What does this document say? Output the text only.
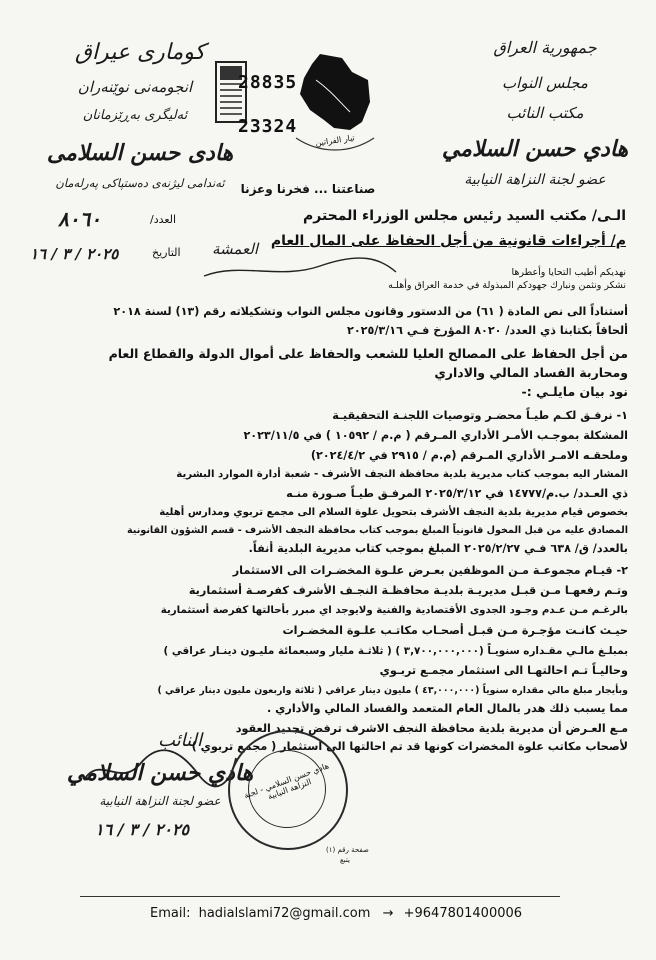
كوماری عیراق
انجومه‌نی نوێنه‌ران
ئه‌لیگری بەڕێزمانان
هادی حسن السلامی
ئەندامی لیژنەی دەستپاکی پەرلەمان
28835
23324
تيار الفراتين
صناعتنا ... فخرنا وعزنا
جمهورية العراق
مجلس النواب
مكتب النائب
هادي حسن السلامي
عضو لجنة النزاهة النيابية
٨٠٦٠	العدد/
٢٠٢٥ / ٣ / ١٦	التاريخ العمشة
الـى/ مكتب السيد رئيس مجلس الوزراء المحترم
م/ أجراءات قانونية من أجل الحفاظ على المال العام
نهديكم أطيب التحايا وأعطرها
نشكر ونثمن ونبارك جهودكم المبذولة في خدمة العراق وأهلـه
أستناداً الى نص المادة ( ٦١) من الدستور وقانون مجلس النواب وتشكيلاته رقم (١٣) لسنة ٢٠١٨
ألحاقاً بكتابنا ذي العدد/ ٨٠٢٠ المؤرخ فـي ٢٠٢٥/٣/١٦
من أجل الحفاظ على المصالح العليا للشعب والحفاظ على أموال الدولة والقطاع العام
ومحاربة الفساد المالي والاداري
نود بيان مايلـي :-
١- نرفـق لكـم طيـاً محضـر وتوصيات اللجنـة التحقيقيـة
المشكلة بموجـب الأمـر الأداري المـرقم ( م.م / ١٠٥٩٢ ) في ٢٠٢٣/١١/٥
وملحقـه الامـر الأداري المـرقم (م.م / ٢٩١٥ في ٢٠٢٤/٤/٢)
المشار اليه بموجب كتاب مديرية بلدية محافظة النجف الأشرف - شعبة أدارة الموارد البشرية
ذي العـدد/ ب.م/١٤٧٧٧ في ٢٠٢٥/٣/١٢ المرفـق طيـاً صـورة منـه
بخصوص قيام مديرية بلدية النجف الأشرف بتحويل علوة السلام الى مجمع تربوي ومدارس أهلية
المصادق عليه من قبل المخول قانونياً المبلغ بموجب كتاب محافظة النجف الأشرف - قسم الشؤون القانونية
بالعدد/ ق/ ٦٣٨ فـي ٢٠٢٥/٢/٢٧ المبلغ بموجب كتاب مديرية البلدية أنفاً.
٢- قيـام مجموعـة مـن الموظفين بعـرض علـوة المخضـرات الى الاستثمار
وتـم رفعهـا مـن قبـل مديريـة بلديـة محافظـة النجـف الأشرف كفرصـة أستثمارية
بالرغـم مـن عـدم وجـود الجدوى الأقتصادية والفنية ولايوجد اي مبرر بأحالتها كفرصة أستثمارية
حيـث كانـت مؤجـرة مـن قبـل أصحـاب مكاتـب علـوة المخضـرات
بمبلـغ مالـي مقـداره سنويـاً (٣,٧٠٠,٠٠٠,٠٠٠ ) ( ثلاثـة مليار وسبعمائة مليـون دينـار عراقي )
وحاليـاً تـم احالتهـا الى استثمار مجمـع تربـوي
وبأيجار مبلغ مالي مقداره سنوياً (٤٣,٠٠٠,٠٠٠ ) مليون دينار عراقي ( ثلاثة واربعون مليون دينار عراقي )
مما يسبب ذلك هدر بالمال العام المتعمد والفساد المالي والأداري .
مـع العـرض أن مديرية بلدية محافظة النجف الاشرف ترفض تجديد العقود
لأصحاب مكاتب علوة المخضرات كونها قد تم احالتها الى استثمار ( مجمع تربوي )
النائب
هادي حسن السلامي
عضو لجنة النزاهة النيابية
٢٠٢٥ / ٣ / ١٦
هادي حسن السلامي - لجنة النزاهة النيابية
صفحة رقم (١)
يتبع
Email: hadialslami72@gmail.com → +9647801400006
